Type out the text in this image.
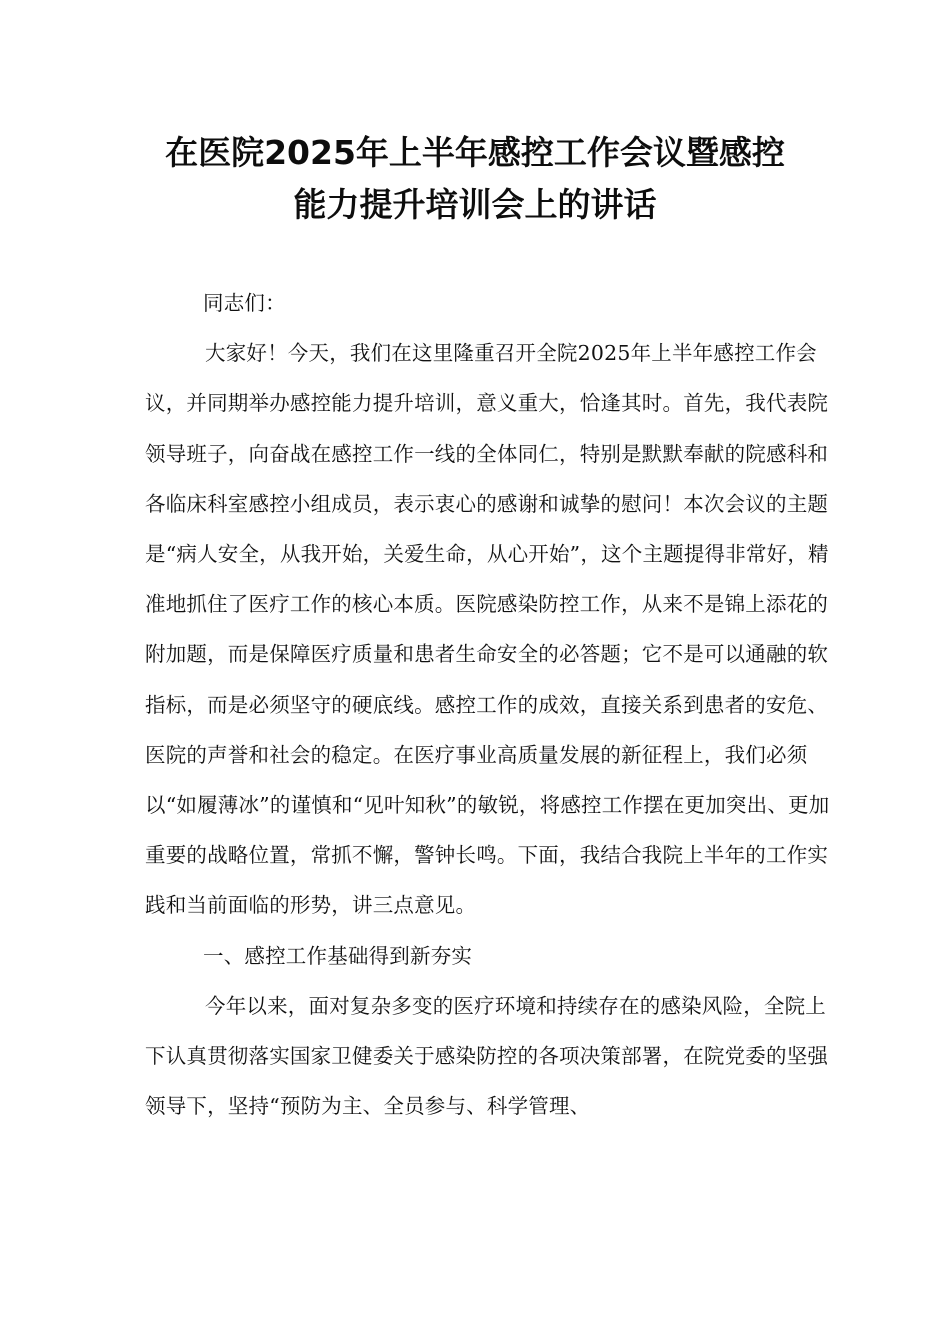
在医院2025年上半年感控工作会议暨感控
能力提升培训会上的讲话

同志们：

大家好！今天，我们在这里隆重召开全院2025年上半年感控工作会议，并同期举办感控能力提升培训，意义重大，恰逢其时。首先，我代表院领导班子，向奋战在感控工作一线的全体同仁，特别是默默奉献的院感科和各临床科室感控小组成员，表示衷心的感谢和诚挚的慰问！本次会议的主题是“病人安全，从我开始，关爱生命，从心开始”，这个主题提得非常好，精准地抓住了医疗工作的核心本质。医院感染防控工作，从来不是锦上添花的附加题，而是保障医疗质量和患者生命安全的必答题；它不是可以通融的软指标，而是必须坚守的硬底线。感控工作的成效，直接关系到患者的安危、医院的声誉和社会的稳定。在医疗事业高质量发展的新征程上，我们必须以“如履薄冰”的谨慎和“见叶知秋”的敏锐，将感控工作摆在更加突出、更加重要的战略位置，常抓不懈，警钟长鸣。下面，我结合我院上半年的工作实践和当前面临的形势，讲三点意见。

一、感控工作基础得到新夯实

今年以来，面对复杂多变的医疗环境和持续存在的感染风险，全院上下认真贯彻落实国家卫健委关于感染防控的各项决策部署，在院党委的坚强领导下，坚持“预防为主、全员参与、科学管理、
